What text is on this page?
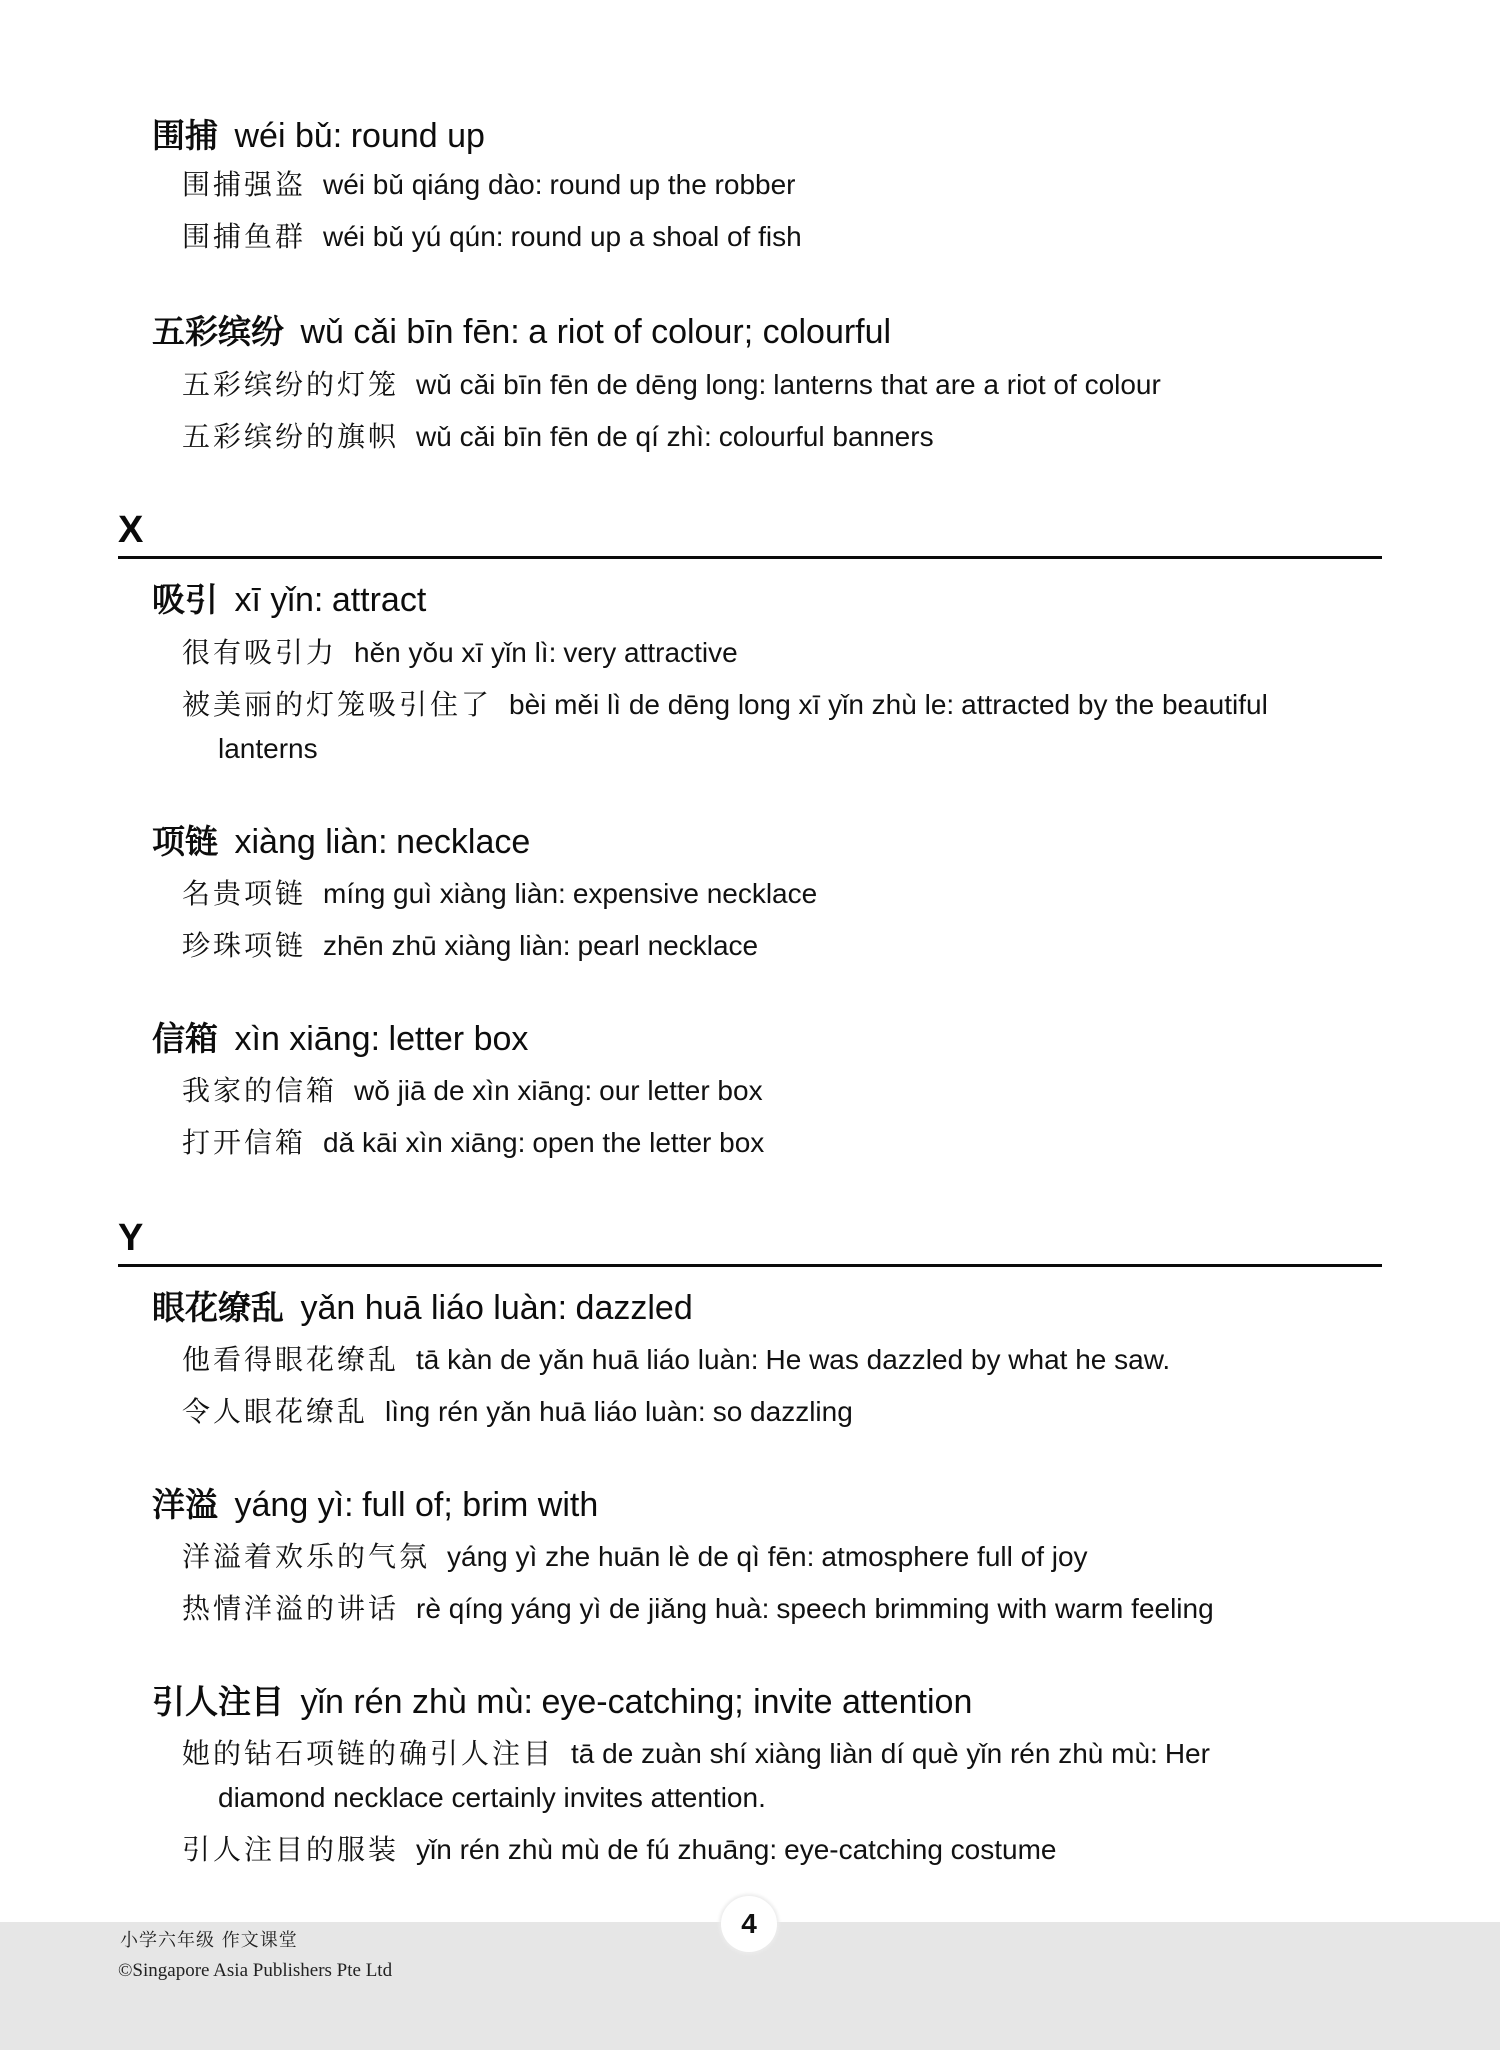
围捕 wéi bǔ: round up
围捕强盗 wéi bǔ qiáng dào: round up the robber
围捕鱼群 wéi bǔ yú qún: round up a shoal of fish
五彩缤纷 wǔ cǎi bīn fēn: a riot of colour; colourful
五彩缤纷的灯笼 wǔ cǎi bīn fēn de dēng long: lanterns that are a riot of colour
五彩缤纷的旗帜 wǔ cǎi bīn fēn de qí zhì: colourful banners
X
吸引 xī yǐn: attract
很有吸引力 hěn yǒu xī yǐn lì: very attractive
被美丽的灯笼吸引住了 bèi měi lì de dēng long xī yǐn zhù le: attracted by the beautiful
lanterns
项链 xiàng liàn: necklace
名贵项链 míng guì xiàng liàn: expensive necklace
珍珠项链 zhēn zhū xiàng liàn: pearl necklace
信箱 xìn xiāng: letter box
我家的信箱 wǒ jiā de xìn xiāng: our letter box
打开信箱 dǎ kāi xìn xiāng: open the letter box
Y
眼花缭乱 yǎn huā liáo luàn: dazzled
他看得眼花缭乱 tā kàn de yǎn huā liáo luàn: He was dazzled by what he saw.
令人眼花缭乱 lìng rén yǎn huā liáo luàn: so dazzling
洋溢 yáng yì: full of; brim with
洋溢着欢乐的气氛 yáng yì zhe huān lè de qì fēn: atmosphere full of joy
热情洋溢的讲话 rè qíng yáng yì de jiǎng huà: speech brimming with warm feeling
引人注目 yǐn rén zhù mù: eye-catching; invite attention
她的钻石项链的确引人注目 tā de zuàn shí xiàng liàn dí què yǐn rén zhù mù: Her
diamond necklace certainly invites attention.
引人注目的服装 yǐn rén zhù mù de fú zhuāng: eye-catching costume
小学六年级 作文课堂
©Singapore Asia Publishers Pte Ltd
4
